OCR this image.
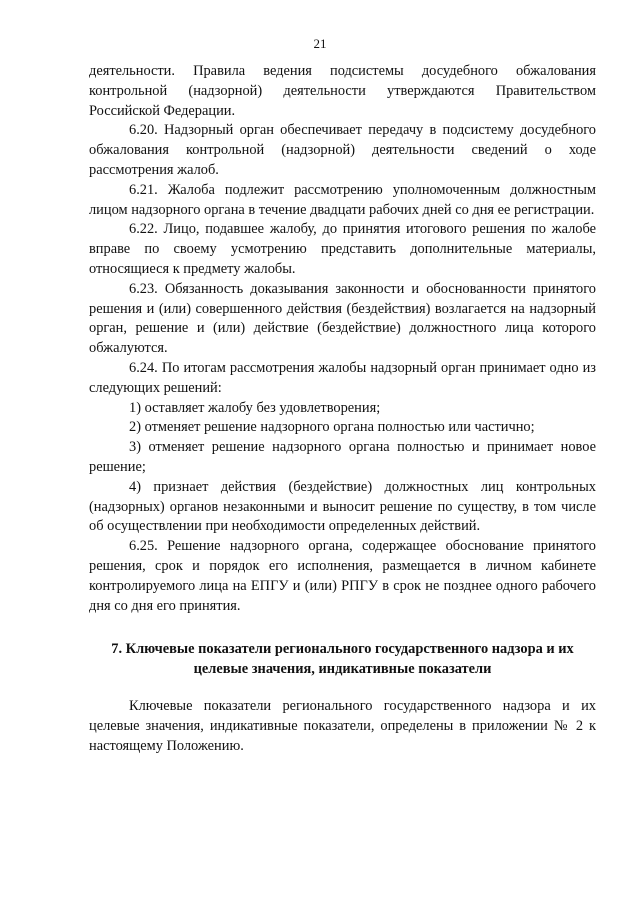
21

деятельности. Правила ведения подсистемы досудебного обжалования контрольной (надзорной) деятельности утверждаются Правительством Российской Федерации.

6.20. Надзорный орган обеспечивает передачу в подсистему досудебного обжалования контрольной (надзорной) деятельности сведений о ходе рассмотрения жалоб.

6.21. Жалоба подлежит рассмотрению уполномоченным должностным лицом надзорного органа в течение двадцати рабочих дней со дня ее регистрации.

6.22. Лицо, подавшее жалобу, до принятия итогового решения по жалобе вправе по своему усмотрению представить дополнительные материалы, относящиеся к предмету жалобы.

6.23. Обязанность доказывания законности и обоснованности принятого решения и (или) совершенного действия (бездействия) возлагается на надзорный орган, решение и (или) действие (бездействие) должностного лица которого обжалуются.

6.24. По итогам рассмотрения жалобы надзорный орган принимает одно из следующих решений:

1) оставляет жалобу без удовлетворения;

2) отменяет решение надзорного органа полностью или частично;

3) отменяет решение надзорного органа полностью и принимает новое решение;

4) признает действия (бездействие) должностных лиц контрольных (надзорных) органов незаконными и выносит решение по существу, в том числе об осуществлении при необходимости определенных действий.

6.25. Решение надзорного органа, содержащее обоснование принятого решения, срок и порядок его исполнения, размещается в личном кабинете контролируемого лица на ЕПГУ и (или) РПГУ в срок не позднее одного рабочего дня со дня его принятия.

7. Ключевые показатели регионального государственного надзора и их целевые значения, индикативные показатели

Ключевые показатели регионального государственного надзора и их целевые значения, индикативные показатели, определены в приложении № 2 к настоящему Положению.
